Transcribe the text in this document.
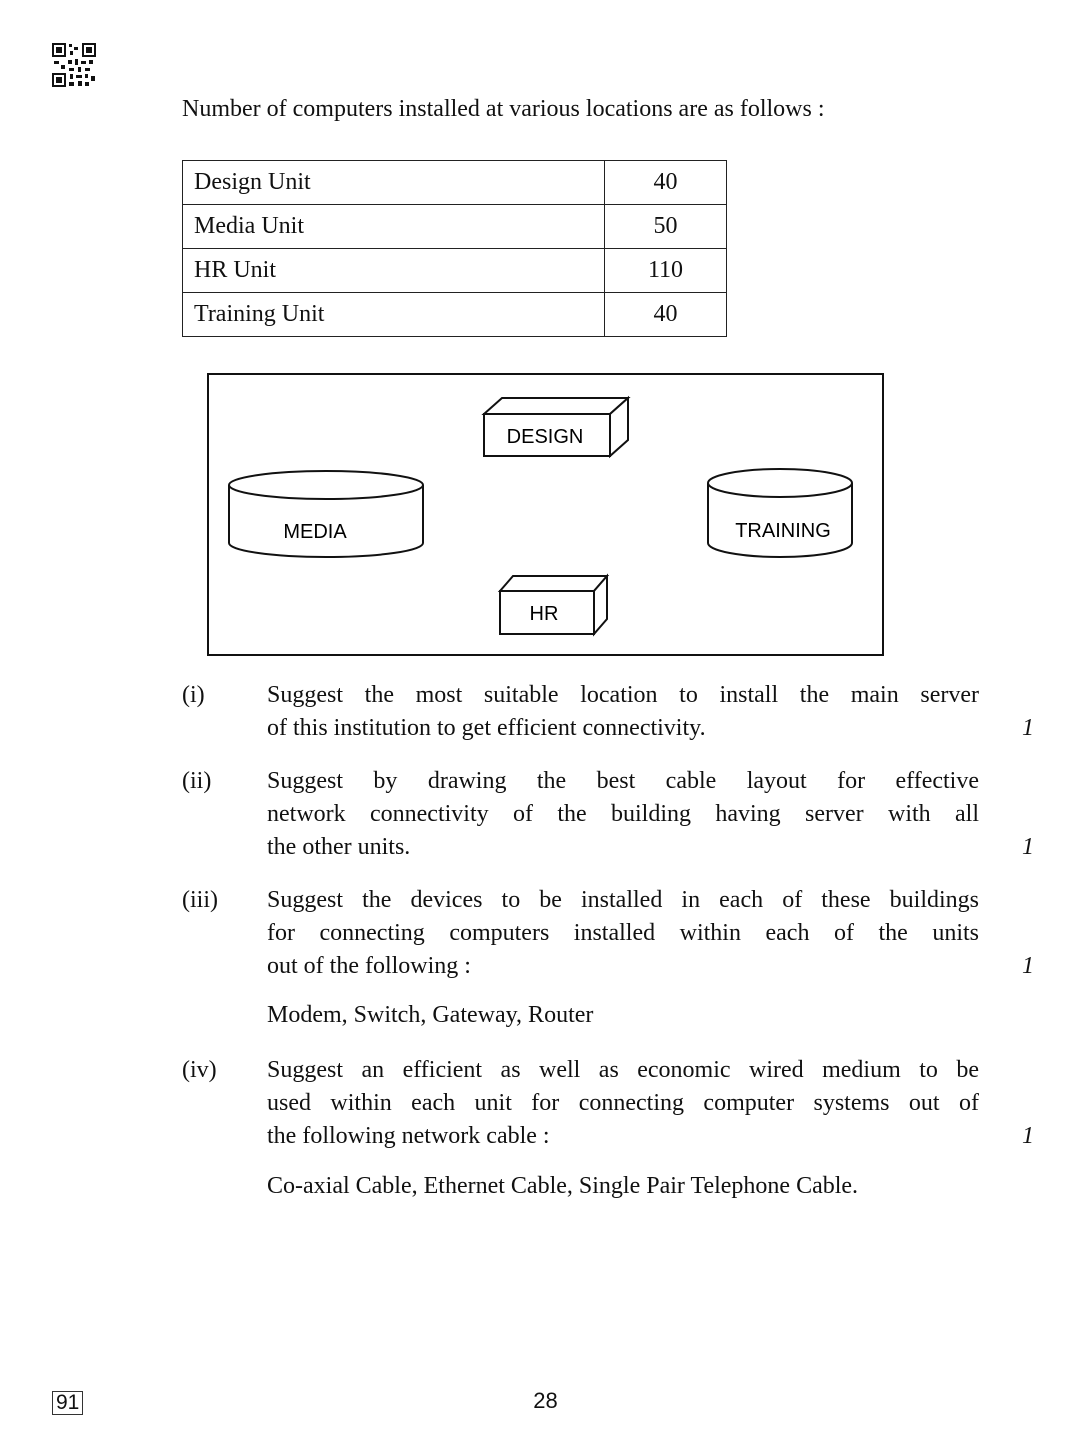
Number of computers installed at various locations are as follows :
Design Unit	40
Media Unit	50
HR Unit	110
Training Unit	40
DESIGN
MEDIA	TRAINING
HR
(i)	Suggest the most suitable location to install the main server
of this institution to get efficient connectivity.	1
(ii) Suggest by drawing the best cable layout for effective
network connectivity of the building having server with all
the other units.	1
(iii) Suggest the devices to be installed in each of these buildings
for connecting computers installed within each of the units
out of the following :	1
Modem, Switch, Gateway, Router
(iv) Suggest an efficient as well as economic wired medium to be
used within each unit for connecting computer systems out of
the following network cable :	1
Co-axial Cable, Ethernet Cable, Single Pair Telephone Cable.
91	28
